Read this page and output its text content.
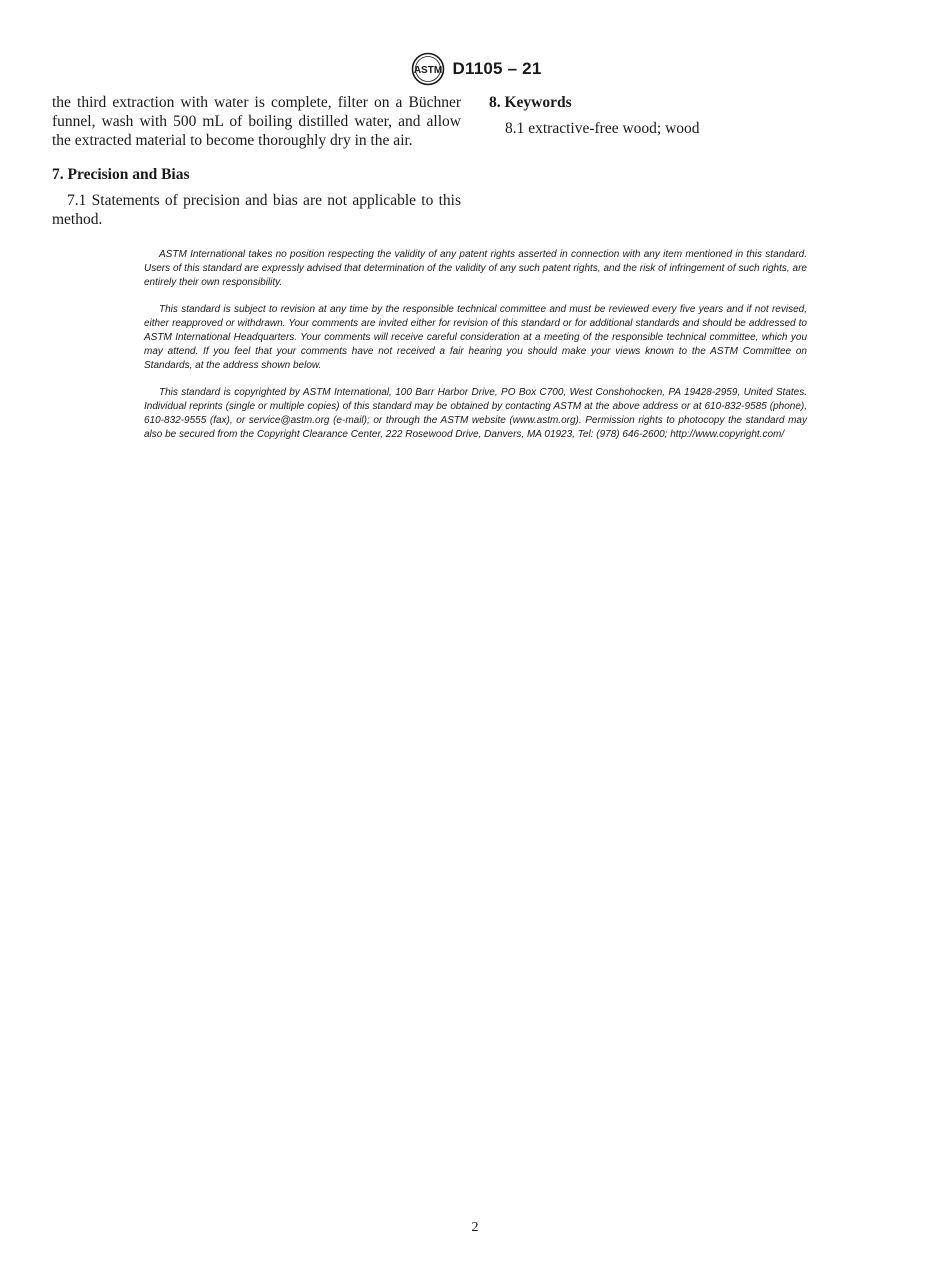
ASTM D1105 – 21

the third extraction with water is complete, filter on a Büchner funnel, wash with 500 mL of boiling distilled water, and allow the extracted material to become thoroughly dry in the air.

7. Precision and Bias

7.1 Statements of precision and bias are not applicable to this method.

8. Keywords

8.1 extractive-free wood; wood

ASTM International takes no position respecting the validity of any patent rights asserted in connection with any item mentioned in this standard. Users of this standard are expressly advised that determination of the validity of any such patent rights, and the risk of infringement of such rights, are entirely their own responsibility.

This standard is subject to revision at any time by the responsible technical committee and must be reviewed every five years and if not revised, either reapproved or withdrawn. Your comments are invited either for revision of this standard or for additional standards and should be addressed to ASTM International Headquarters. Your comments will receive careful consideration at a meeting of the responsible technical committee, which you may attend. If you feel that your comments have not received a fair hearing you should make your views known to the ASTM Committee on Standards, at the address shown below.

This standard is copyrighted by ASTM International, 100 Barr Harbor Drive, PO Box C700, West Conshohocken, PA 19428-2959, United States. Individual reprints (single or multiple copies) of this standard may be obtained by contacting ASTM at the above address or at 610-832-9585 (phone), 610-832-9555 (fax), or service@astm.org (e-mail); or through the ASTM website (www.astm.org). Permission rights to photocopy the standard may also be secured from the Copyright Clearance Center, 222 Rosewood Drive, Danvers, MA 01923, Tel: (978) 646-2600; http://www.copyright.com/

2
